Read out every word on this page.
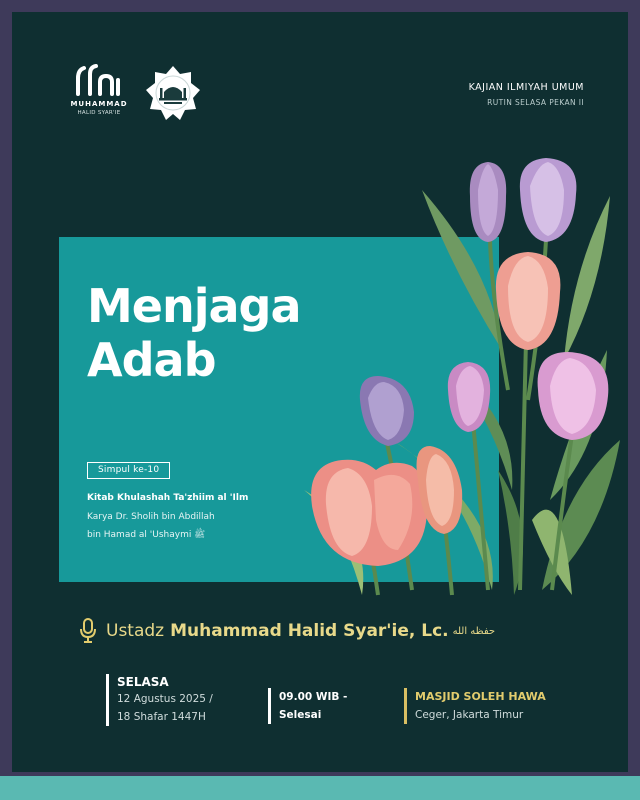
MUHAMMAD
HALID SYAR'IE
KAJIAN ILMIYAH UMUM
RUTIN SELASA PEKAN II
Menjaga
Adab
Simpul ke-10
Kitab Khulashah Ta'zhiim al 'Ilm
Karya Dr. Sholih bin Abdillah
bin Hamad al 'Ushaymi ﷺ
Ustadz Muhammad Halid Syar'ie, Lc. حفظه الله
SELASA
12 Agustus 2025 /
18 Shafar 1447H
09.00 WIB -
Selesai
MASJID SOLEH HAWA
Ceger, Jakarta Timur
